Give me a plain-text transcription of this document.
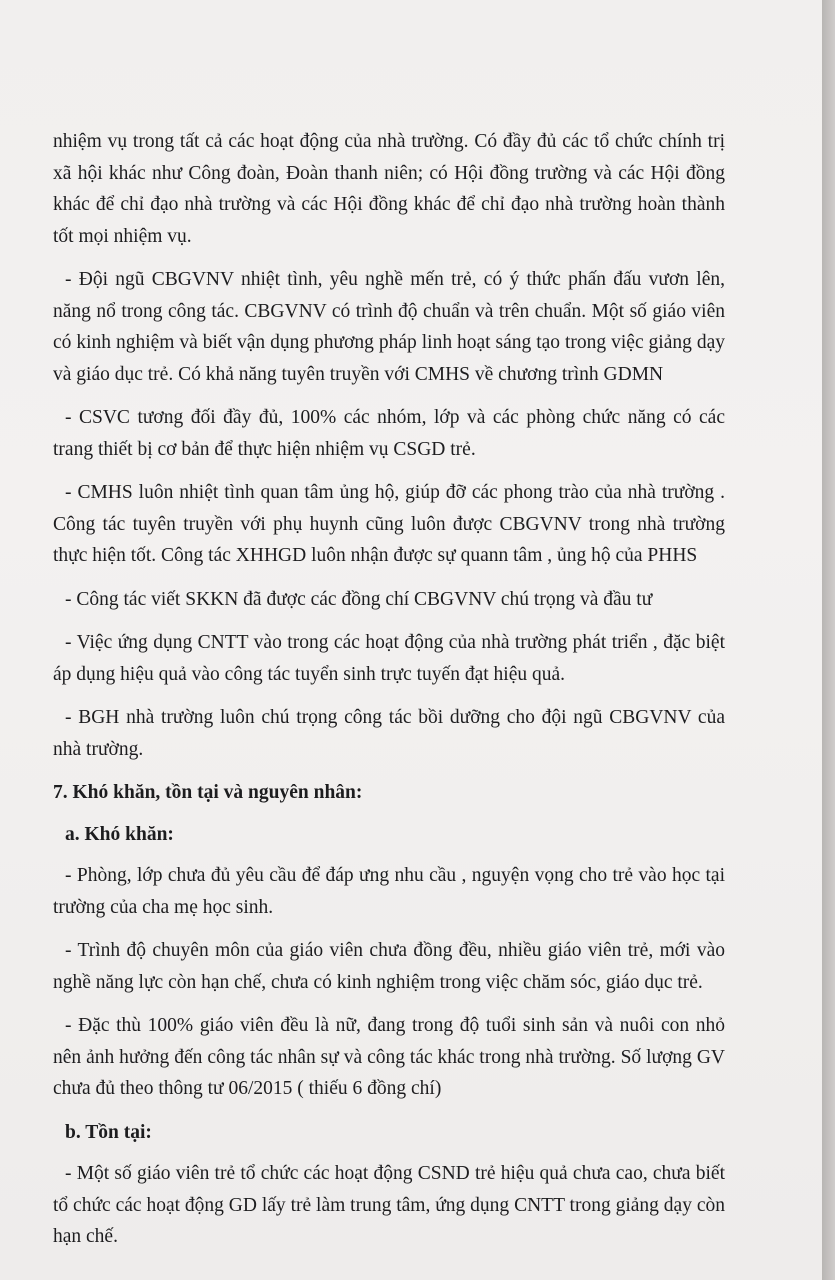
nhiệm vụ trong tất cả các hoạt động của nhà trường. Có đầy đủ các tổ chức chính trị xã hội khác như Công đoàn, Đoàn thanh niên; có Hội đồng trường và các Hội đồng khác để chỉ đạo nhà trường và các Hội đồng khác để chỉ đạo nhà trường hoàn thành tốt mọi nhiệm vụ.

- Đội ngũ CBGVNV nhiệt tình, yêu nghề mến trẻ, có ý thức phấn đấu vươn lên, năng nổ trong công tác. CBGVNV có trình độ chuẩn và trên chuẩn. Một số giáo viên có kinh nghiệm và biết vận dụng phương pháp linh hoạt sáng tạo trong việc giảng dạy và giáo dục trẻ. Có khả năng tuyên truyền với CMHS về chương trình GDMN

- CSVC tương đối đầy đủ, 100% các nhóm, lớp và các phòng chức năng có các trang thiết bị cơ bản để thực hiện nhiệm vụ CSGD trẻ.

- CMHS luôn nhiệt tình quan tâm ủng hộ, giúp đỡ các phong trào của nhà trường . Công tác tuyên truyền với phụ huynh cũng luôn được CBGVNV trong nhà trường thực hiện tốt. Công tác XHHGD luôn nhận được sự quann tâm , ủng hộ của PHHS

- Công tác viết SKKN đã được các đồng chí CBGVNV chú trọng và đầu tư

- Việc ứng dụng CNTT vào trong các hoạt động của nhà trường phát triển , đặc biệt áp dụng hiệu quả vào công tác tuyển sinh trực tuyến đạt hiệu quả.

- BGH nhà trường luôn chú trọng công tác bồi dưỡng cho đội ngũ CBGVNV của nhà trường.

7. Khó khăn, tồn tại và nguyên nhân:

a. Khó khăn:

- Phòng, lớp chưa đủ yêu cầu để đáp ưng nhu cầu , nguyện vọng cho trẻ vào học tại trường của cha mẹ học sinh.

- Trình độ chuyên môn của giáo viên chưa đồng đều, nhiều giáo viên trẻ, mới vào nghề năng lực còn hạn chế, chưa có kinh nghiệm trong việc chăm sóc, giáo dục trẻ.

- Đặc thù 100% giáo viên đều là nữ, đang trong độ tuổi sinh sản và nuôi con nhỏ nên ảnh hưởng đến công tác nhân sự và công tác khác trong nhà trường. Số lượng GV chưa đủ theo thông tư 06/2015 ( thiếu 6 đồng chí)

b. Tồn tại:

- Một số giáo viên trẻ tổ chức các hoạt động CSND trẻ hiệu quả chưa cao, chưa biết tổ chức các hoạt động GD lấy trẻ làm trung tâm, ứng dụng CNTT trong giảng dạy còn hạn chế.
